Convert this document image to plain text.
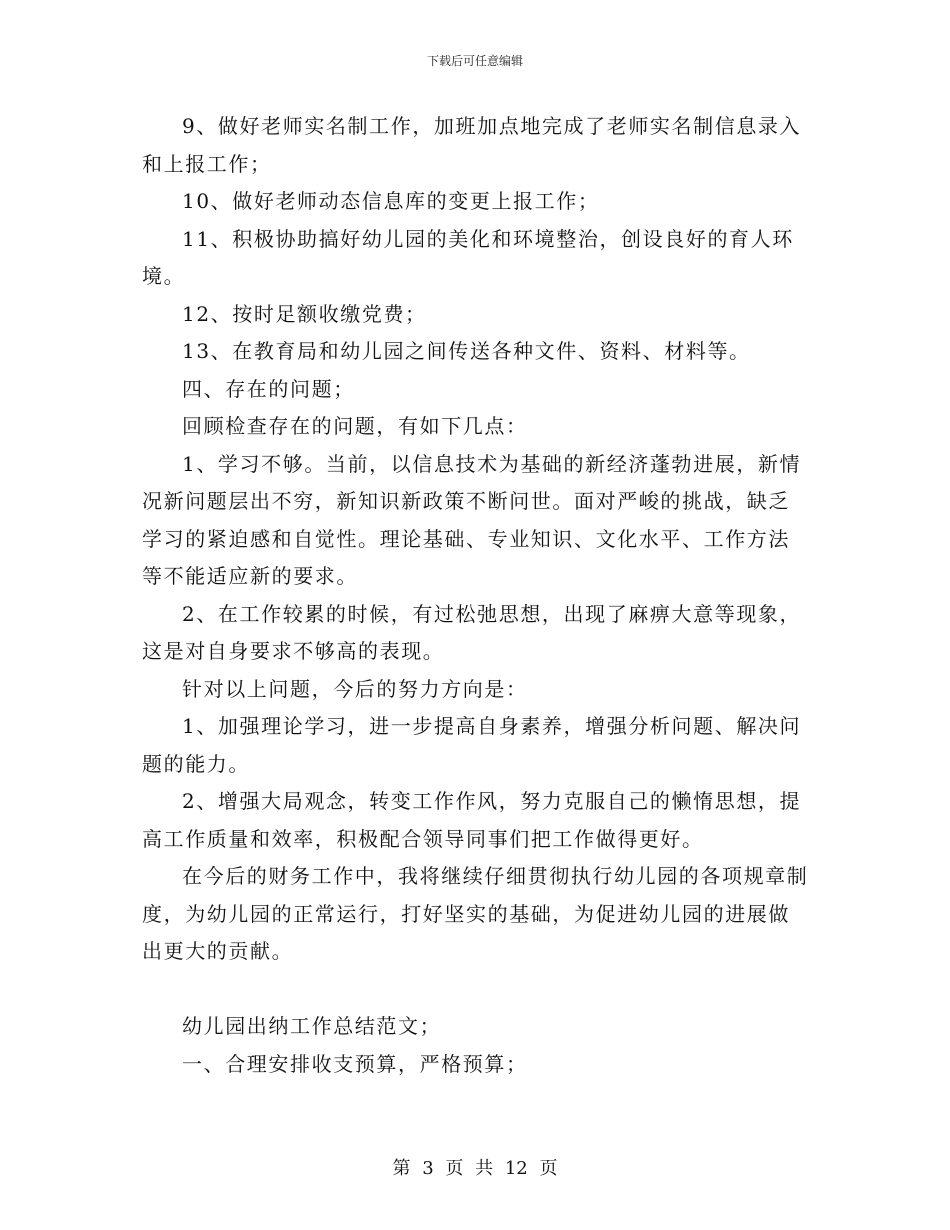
下载后可任意编辑

9、做好老师实名制工作，加班加点地完成了老师实名制信息录入和上报工作；

10、做好老师动态信息库的变更上报工作；

11、积极协助搞好幼儿园的美化和环境整治，创设良好的育人环境。

12、按时足额收缴党费；

13、在教育局和幼儿园之间传送各种文件、资料、材料等。

四、存在的问题；

回顾检查存在的问题，有如下几点：

1、学习不够。当前，以信息技术为基础的新经济蓬勃进展，新情况新问题层出不穷，新知识新政策不断问世。面对严峻的挑战，缺乏学习的紧迫感和自觉性。理论基础、专业知识、文化水平、工作方法等不能适应新的要求。

2、在工作较累的时候，有过松弛思想，出现了麻痹大意等现象，这是对自身要求不够高的表现。

针对以上问题，今后的努力方向是：

1、加强理论学习，进一步提高自身素养，增强分析问题、解决问题的能力。

2、增强大局观念，转变工作作风，努力克服自己的懒惰思想，提高工作质量和效率，积极配合领导同事们把工作做得更好。

在今后的财务工作中，我将继续仔细贯彻执行幼儿园的各项规章制度，为幼儿园的正常运行，打好坚实的基础，为促进幼儿园的进展做出更大的贡献。

幼儿园出纳工作总结范文；

一、合理安排收支预算，严格预算；

第 3 页 共 12 页
